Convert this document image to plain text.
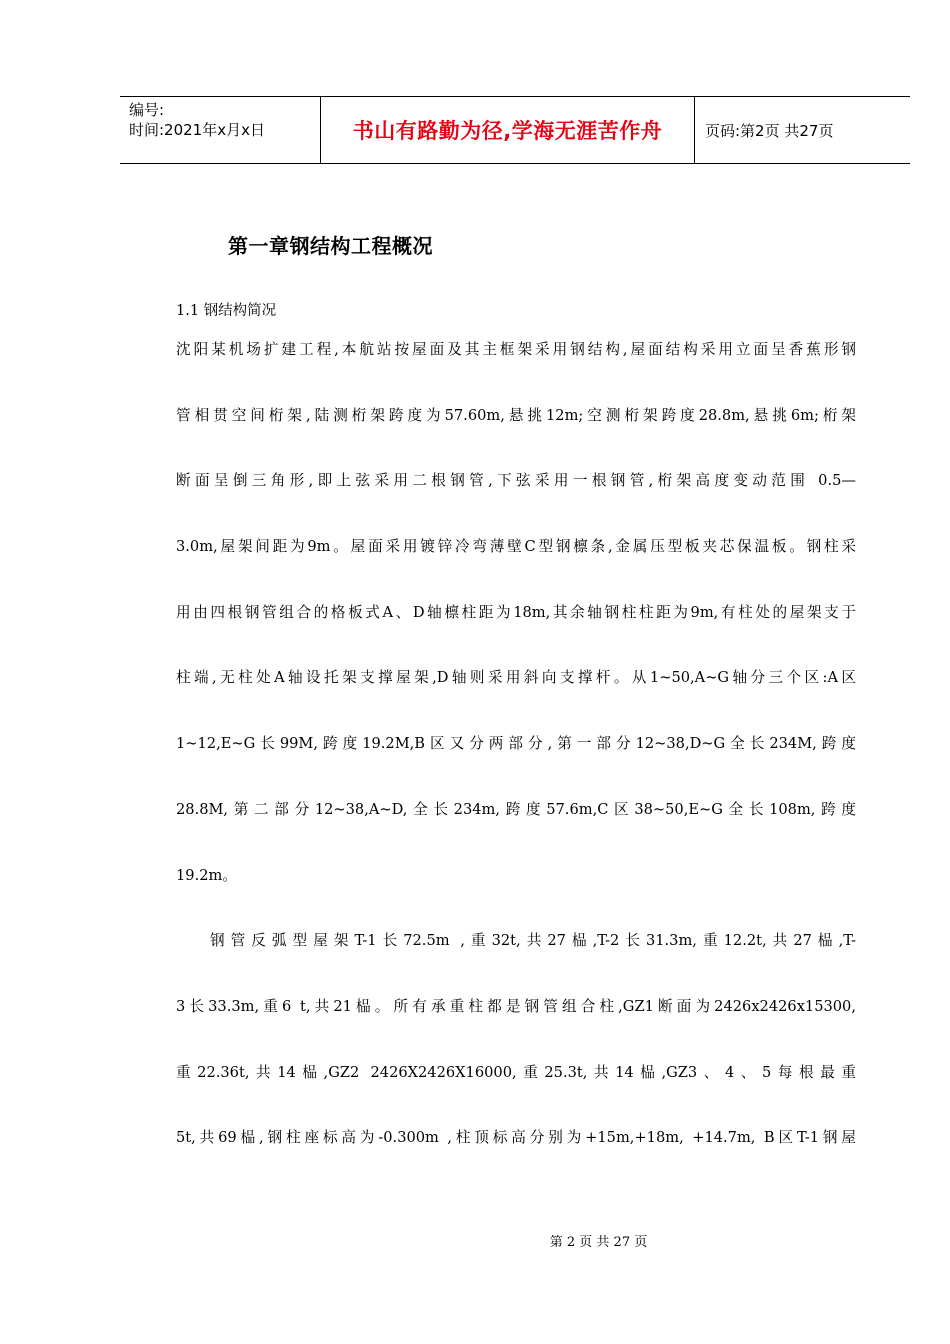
编号:
时间:2021年x月x日	书山有路勤为径,学海无涯苦作舟	页码:第2页 共27页
第一章钢结构工程概况
1.1 钢结构简况
沈阳某机场扩建工程,本航站按屋面及其主框架采用钢结构,屋面结构采用立面呈香蕉形钢
管相贯空间桁架,陆测桁架跨度为57.60m,悬挑12m;空测桁架跨度28.8m,悬挑6m;桁架
断面呈倒三角形,即上弦采用二根钢管,下弦采用一根钢管,桁架高度变动范围 0.5—
3.0m,屋架间距为9m。屋面采用镀锌冷弯薄壁C型钢檩条,金属压型板夹芯保温板。钢柱采
用由四根钢管组合的格板式A、D轴檩柱距为18m,其余轴钢柱柱距为9m,有柱处的屋架支于
柱端,无柱处A轴设托架支撑屋架,D轴则采用斜向支撑杆。从1~50,A~G轴分三个区:A区
1~12,E~G长99M,跨度19.2M,B区又分两部分,第一部分12~38,D~G全长234M,跨度
28.8M,第二部分12~38,A~D,全长234m,跨度57.6m,C区38~50,E~G全长108m,跨度
19.2m。
钢管反弧型屋架T-1长72.5m ,重32t,共27榀,T-2长31.3m,重12.2t,共27榀,T-
3长33.3m,重6 t,共21榀。所有承重柱都是钢管组合柱,GZ1断面为2426x2426x15300,
重22.36t,共14榀,GZ2 2426X2426X16000,重25.3t,共14榀,GZ3、4、5每根最重
5t,共69榀,钢柱座标高为-0.300m ,柱顶标高分别为+15m,+18m, +14.7m, B区T-1钢屋
第 2 页 共 27 页
